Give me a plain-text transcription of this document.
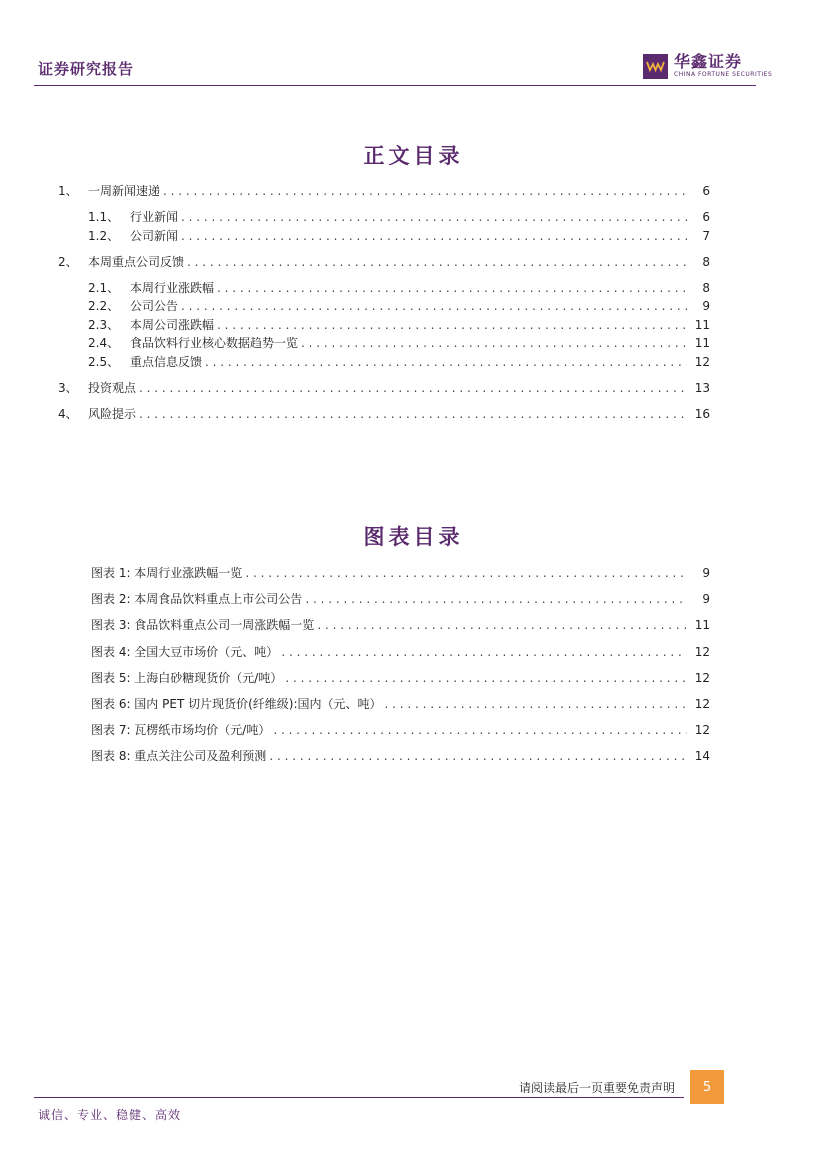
证券研究报告	华鑫证券
CHINA FORTUNE SECURITIES
正文目录
1、 一周新闻速递 . . .	6
1.1、 行业新闻 . . .	6
1.2、 公司新闻 . . .	7
2、 本周重点公司反馈 . . .	8
2.1、 本周行业涨跌幅 . . .	8
2.2、 公司公告 . . .	9
2.3、 本周公司涨跌幅 . . .	11
2.4、 食品饮料行业核心数据趋势一览 . . .	11
2.5、 重点信息反馈 . . .	12
3、 投资观点 . . .	13
4、 风险提示 . . .	16
图表目录
图表 1: 本周行业涨跌幅一览 . . .	9
图表 2: 本周食品饮料重点上市公司公告 . . .	9
图表 3: 食品饮料重点公司一周涨跌幅一览 . . .	11
图表 4: 全国大豆市场价（元、吨） . . .	12
图表 5: 上海白砂糖现货价（元/吨） . . .	12
图表 6: 国内 PET 切片现货价(纤维级):国内（元、吨） . . .	12
图表 7: 瓦楞纸市场均价（元/吨） . . .	12
图表 8: 重点关注公司及盈利预测 . . .	14
请阅读最后一页重要免责声明	5
诚信、专业、稳健、高效
